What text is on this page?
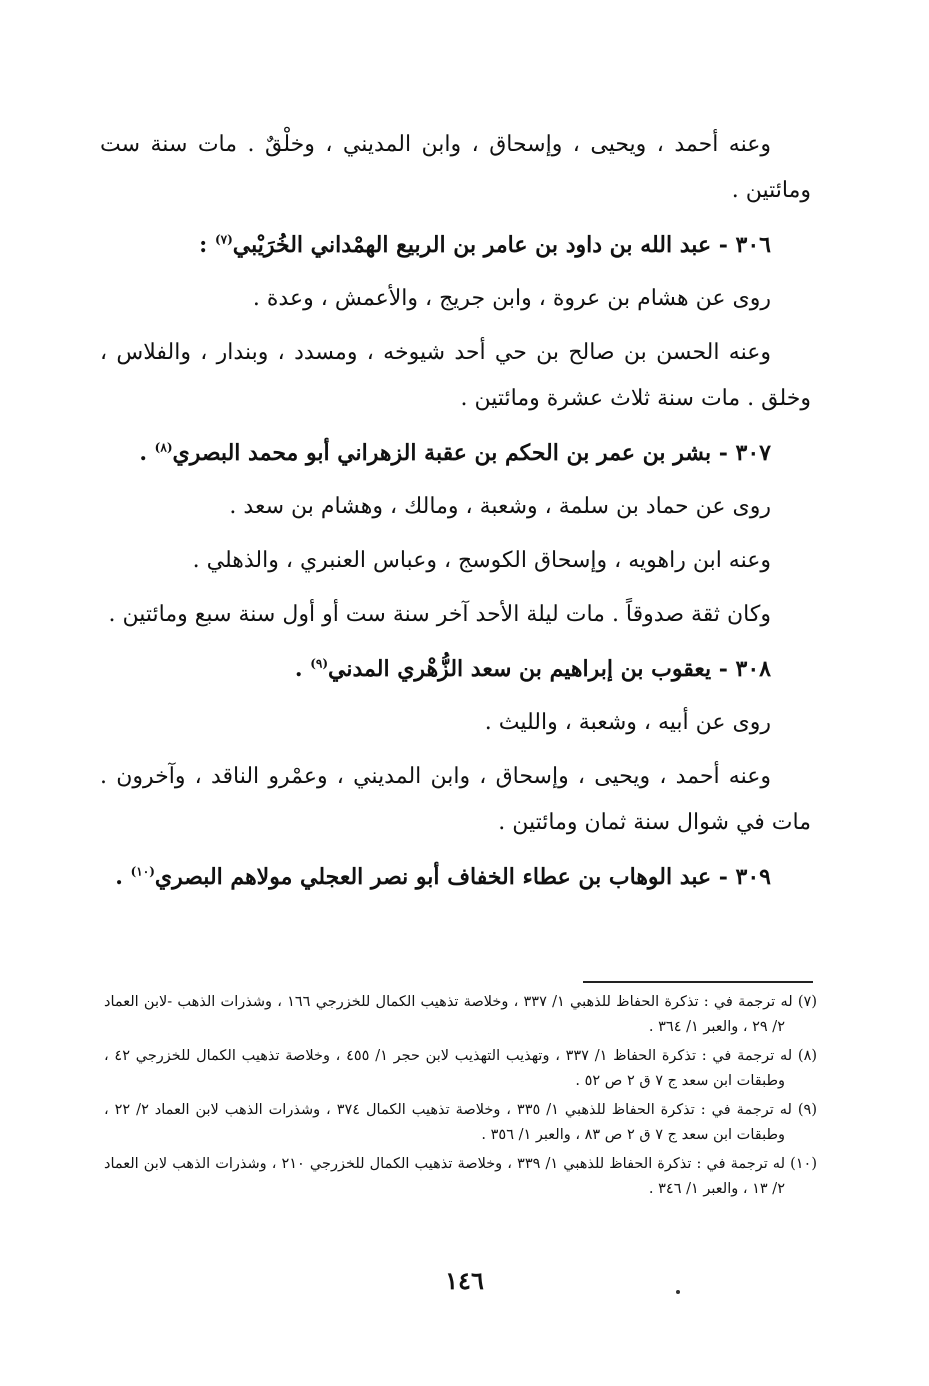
وعنه أحمد ، ويحيى ، وإسحاق ، وابن المديني ، وخلْقٌ . مات سنة ست ومائتين .

٣٠٦ - عبد الله بن داود بن عامر بن الربيع الهمْداني الخُرَيْبي$^{(٧)}$ :

روى عن هشام بن عروة ، وابن جريج ، والأعمش ، وعدة .

وعنه الحسن بن صالح بن حي أحد شيوخه ، ومسدد ، وبندار ، والفلاس ، وخلق . مات سنة ثلاث عشرة ومائتين .

٣٠٧ - بشر بن عمر بن الحكم بن عقبة الزهراني أبو محمد البصري$^{(٨)}$ .

روى عن حماد بن سلمة ، وشعبة ، ومالك ، وهشام بن سعد .

وعنه ابن راهويه ، وإسحاق الكوسج ، وعباس العنبري ، والذهلي .

وكان ثقة صدوقاً . مات ليلة الأحد آخر سنة ست أو أول سنة سبع ومائتين .

٣٠٨ - يعقوب بن إبراهيم بن سعد الزُّهْري المدني$^{(٩)}$ .

روى عن أبيه ، وشعبة ، والليث .

وعنه أحمد ، ويحيى ، وإسحاق ، وابن المديني ، وعمْرو الناقد ، وآخرون . مات في شوال سنة ثمان ومائتين .

٣٠٩ - عبد الوهاب بن عطاء الخفاف أبو نصر العجلي مولاهم البصري$^{(١٠)}$ .

(٧) له ترجمة في : تذكرة الحفاظ للذهبي ١/ ٣٣٧ ، وخلاصة تذهيب الكمال للخزرجي ١٦٦ ، وشذرات الذهب -لابن العماد ٢/ ٢٩ ، والعبر ١/ ٣٦٤ .

(٨) له ترجمة في : تذكرة الحفاظ ١/ ٣٣٧ ، وتهذيب التهذيب لابن حجر ١/ ٤٥٥ ، وخلاصة تذهيب الكمال للخزرجي ٤٢ ، وطبقات ابن سعد ج ٧ ق ٢ ص ٥٢ .

(٩) له ترجمة في : تذكرة الحفاظ للذهبي ١/ ٣٣٥ ، وخلاصة تذهيب الكمال ٣٧٤ ، وشذرات الذهب لابن العماد ٢/ ٢٢ ، وطبقات ابن سعد ج ٧ ق ٢ ص ٨٣ ، والعبر ١/ ٣٥٦ .

(١٠) له ترجمة في : تذكرة الحفاظ للذهبي ١/ ٣٣٩ ، وخلاصة تذهيب الكمال للخزرجي ٢١٠ ، وشذرات الذهب لابن العماد ٢/ ١٣ ، والعبر ١/ ٣٤٦ .

١٤٦
